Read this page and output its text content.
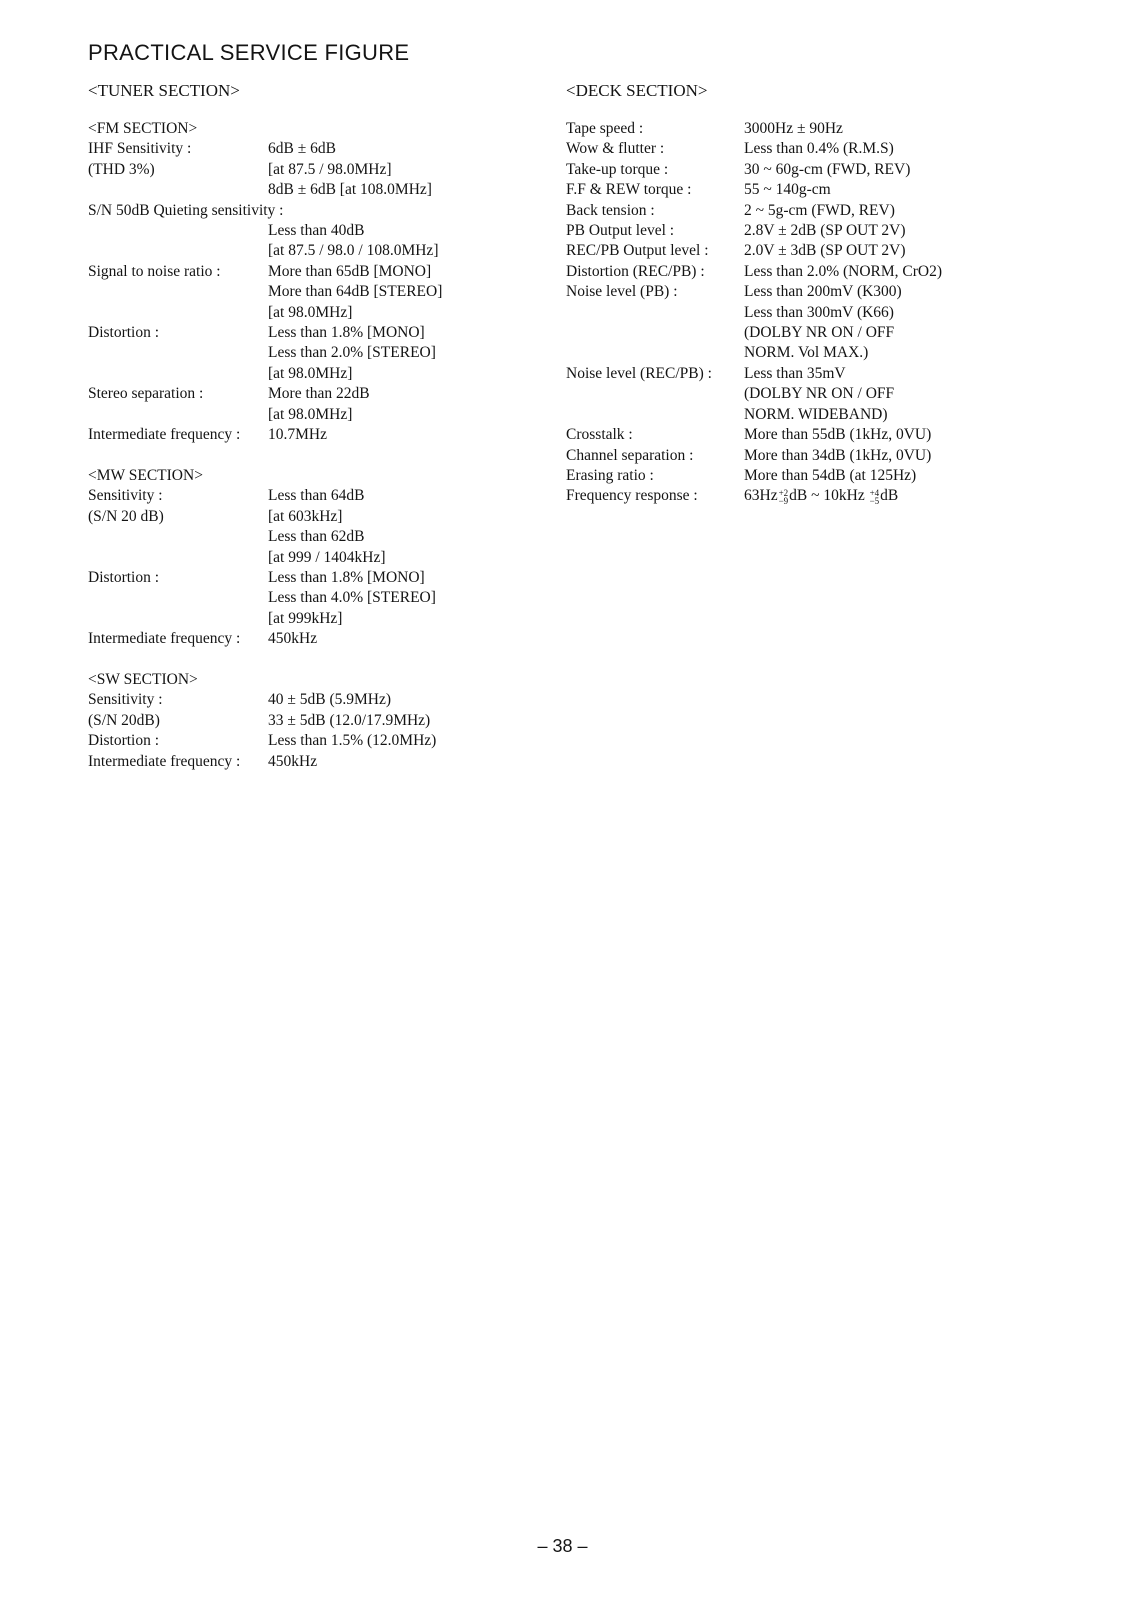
PRACTICAL SERVICE FIGURE
<TUNER SECTION>
<FM SECTION>
IHF Sensitivity :	6dB ± 6dB
(THD 3%)	[at 87.5 / 98.0MHz]
8dB ± 6dB [at 108.0MHz]
S/N 50dB Quieting sensitivity :
Less than 40dB
[at 87.5 / 98.0 / 108.0MHz]
Signal to noise ratio :	More than 65dB [MONO]
More than 64dB [STEREO]
[at 98.0MHz]
Distortion :	Less than 1.8% [MONO]
Less than 2.0% [STEREO]
[at 98.0MHz]
Stereo separation :	More than 22dB
[at 98.0MHz]
Intermediate frequency :	10.7MHz
<MW SECTION>
Sensitivity :	Less than 64dB
(S/N 20 dB)	[at 603kHz]
Less than 62dB
[at 999 / 1404kHz]
Distortion :	Less than 1.8% [MONO]
Less than 4.0% [STEREO]
[at 999kHz]
Intermediate frequency :	450kHz
<SW SECTION>
Sensitivity :	40 ± 5dB (5.9MHz)
(S/N 20dB)	33 ± 5dB (12.0/17.9MHz)
Distortion :	Less than 1.5% (12.0MHz)
Intermediate frequency :	450kHz
<DECK SECTION>
Tape speed :	3000Hz ± 90Hz
Wow & flutter :	Less than 0.4% (R.M.S)
Take-up torque :	30 ~ 60g-cm (FWD, REV)
F.F & REW torque :	55 ~ 140g-cm
Back tension :	2 ~ 5g-cm (FWD, REV)
PB Output level :	2.8V ± 2dB (SP OUT 2V)
REC/PB Output level :	2.0V ± 3dB (SP OUT 2V)
Distortion (REC/PB) :	Less than 2.0% (NORM, CrO2)
Noise level (PB) :	Less than 200mV (K300)
Less than 300mV (K66)
(DOLBY NR ON / OFF
NORM. Vol MAX.)
Noise level (REC/PB) :	Less than 35mV
(DOLBY NR ON / OFF
NORM. WIDEBAND)
Crosstalk :	More than 55dB (1kHz, 0VU)
Channel separation :	More than 34dB (1kHz, 0VU)
Erasing ratio :	More than 54dB (at 125Hz)
Frequency response :	63Hz +2
−9 dB ~ 10kHz +4
−5 dB
– 38 –
